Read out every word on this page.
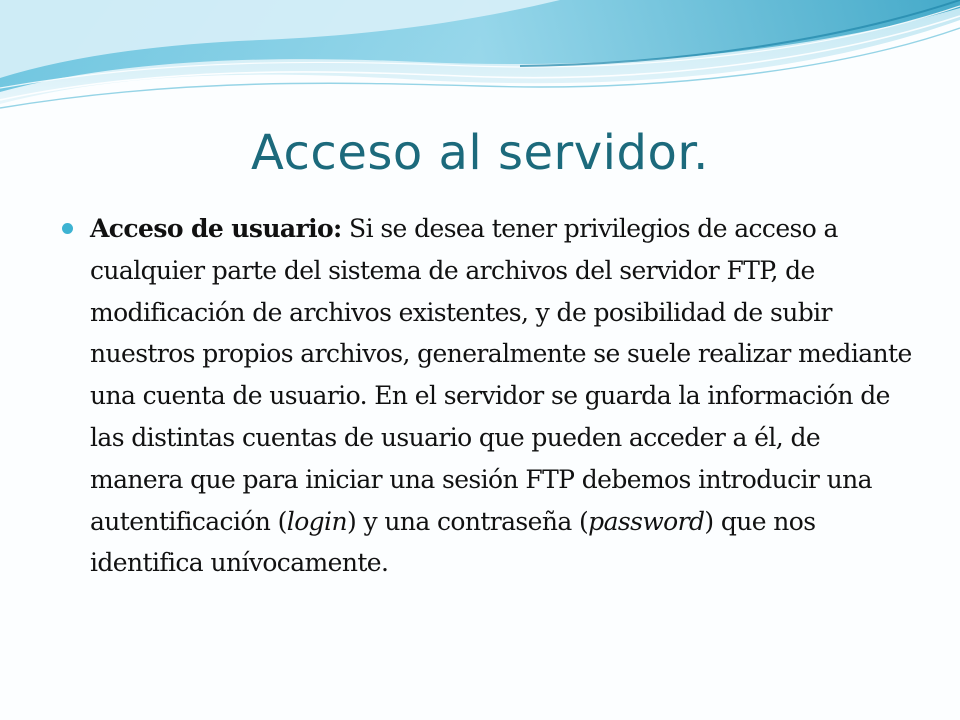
Acceso al servidor.

Acceso de usuario: Si se desea tener privilegios de acceso a cualquier parte del sistema de archivos del servidor FTP, de modificación de archivos existentes, y de posibilidad de subir nuestros propios archivos, generalmente se suele realizar mediante una cuenta de usuario. En el servidor se guarda la información de las distintas cuentas de usuario que pueden acceder a él, de manera que para iniciar una sesión FTP debemos introducir una autentificación (login) y una contraseña (password) que nos identifica unívocamente.
